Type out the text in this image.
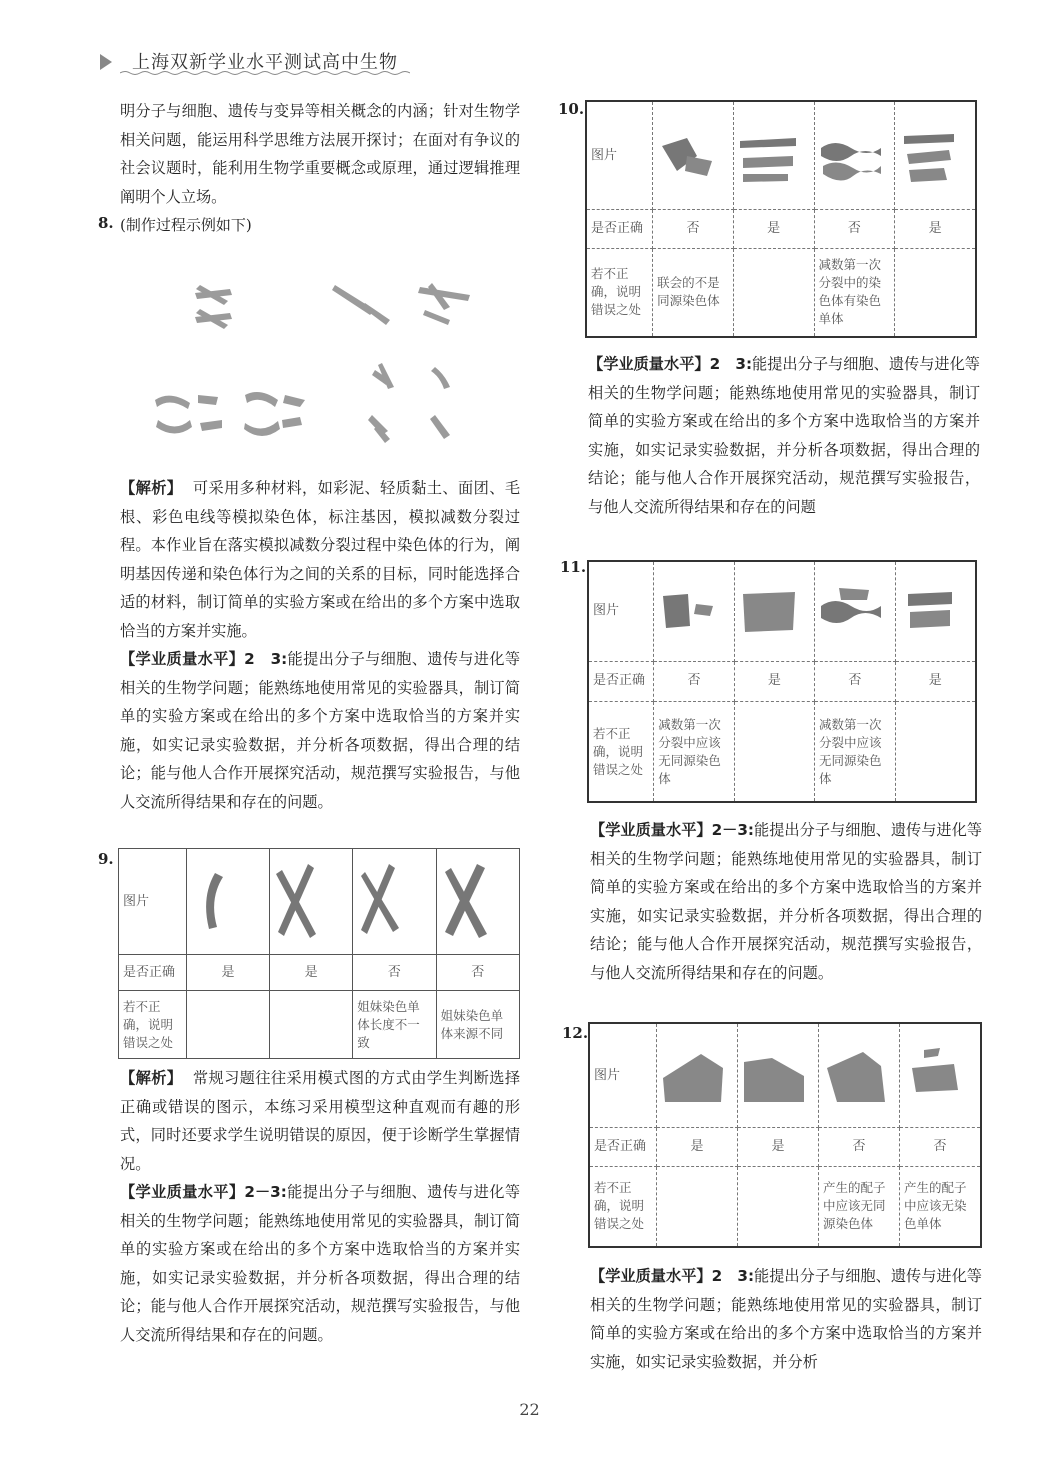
上海双新学业水平测试高中生物

明分子与细胞、遗传与变异等相关概念的内涵；针对生物学相关问题，能运用科学思维方法展开探讨；在面对有争议的社会议题时，能利用生物学重要概念或原理，通过逻辑推理阐明个人立场。

8. (制作过程示例如下)

【解析】 可采用多种材料，如彩泥、轻质黏土、面团、毛根、彩色电线等模拟染色体，标注基因，模拟减数分裂过程。本作业旨在落实模拟减数分裂过程中染色体的行为，阐明基因传递和染色体行为之间的关系的目标，同时能选择合适的材料，制订简单的实验方案或在给出的多个方案中选取恰当的方案并实施。

【学业质量水平】2　3:能提出分子与细胞、遗传与进化等相关的生物学问题；能熟练地使用常见的实验器具，制订简单的实验方案或在给出的多个方案中选取恰当的方案并实施，如实记录实验数据，并分析各项数据，得出合理的结论；能与他人合作开展探究活动，规范撰写实验报告，与他人交流所得结果和存在的问题。

9.
图片	

是否正确	是	是	否	否
若不正确，说明错误之处			姐妹染色单体长度不一致	姐妹染色单体来源不同

【解析】 常规习题往往采用模式图的方式由学生判断选择正确或错误的图示，本练习采用模型这种直观而有趣的形式，同时还要求学生说明错误的原因，便于诊断学生掌握情况。

【学业质量水平】2－3:能提出分子与细胞、遗传与进化等相关的生物学问题；能熟练地使用常见的实验器具，制订简单的实验方案或在给出的多个方案中选取恰当的方案并实施，如实记录实验数据，并分析各项数据，得出合理的结论；能与他人合作开展探究活动，规范撰写实验报告，与他人交流所得结果和存在的问题。

10.
图片	

是否正确	否	是	否	是
若不正确，说明错误之处	联会的不是同源染色体		减数第一次分裂中的染色体有染色单体	

【学业质量水平】2　3:能提出分子与细胞、遗传与进化等相关的生物学问题；能熟练地使用常见的实验器具，制订简单的实验方案或在给出的多个方案中选取恰当的方案并实施，如实记录实验数据，并分析各项数据，得出合理的结论；能与他人合作开展探究活动，规范撰写实验报告，与他人交流所得结果和存在的问题

11.
图片	

是否正确	否	是	否	是
若不正确，说明错误之处	减数第一次分裂中应该无同源染色体		减数第一次分裂中应该无同源染色体	

【学业质量水平】2－3:能提出分子与细胞、遗传与进化等相关的生物学问题；能熟练地使用常见的实验器具，制订简单的实验方案或在给出的多个方案中选取恰当的方案并实施，如实记录实验数据，并分析各项数据，得出合理的结论；能与他人合作开展探究活动，规范撰写实验报告，与他人交流所得结果和存在的问题。

12.
图片	

是否正确	是	是	否	否
若不正确，说明错误之处			产生的配子中应该无同源染色体	产生的配子中应该无染色单体

【学业质量水平】2　3:能提出分子与细胞、遗传与进化等相关的生物学问题；能熟练地使用常见的实验器具，制订简单的实验方案或在给出的多个方案中选取恰当的方案并实施，如实记录实验数据，并分析

22
